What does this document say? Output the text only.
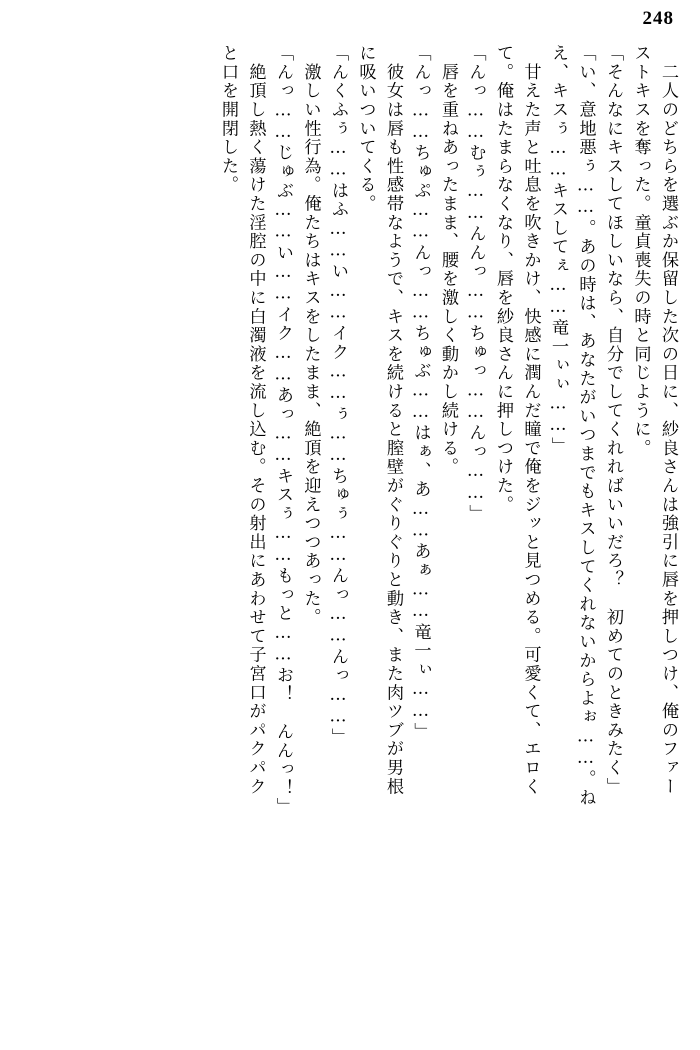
248
　二人のどちらを選ぶか保留した次の日に、紗良さんは強引に唇を押しつけ、俺のファー
ストキスを奪った。童貞喪失の時と同じように。
「そんなにキスしてほしいなら、自分でしてくれればいいだろ？　初めてのときみたく」
「い、意地悪ぅ……。あの時は、あなたがいつまでもキスしてくれないからよぉ……。ね
え、キスぅ……キスしてぇ……竜一ぃぃ……」
　甘えた声と吐息を吹きかけ、快感に潤んだ瞳で俺をジッと見つめる。可愛くて、エロく
て。俺はたまらなくなり、唇を紗良さんに押しつけた。
「んっ……むぅ……んんっ……ちゅっ……んっ……」
　唇を重ねあったまま、腰を激しく動かし続ける。
「んっ……ちゅぷ……んっ……ちゅぶ……はぁ、あ……あぁ……竜一ぃ……」
　彼女は唇も性感帯なようで、キスを続けると膣壁がぐりぐりと動き、また肉ツブが男根
に吸いついてくる。
「んくふぅ……はふ……い……イク……ぅ……ちゅぅ……んっ……んっ……」
　激しい性行為。俺たちはキスをしたまま、絶頂を迎えつつあった。
「んっ……じゅぶ……い……イク……あっ……キスぅ……もっと……お！　んんっ！」
　絶頂し熱く蕩けた淫腔の中に白濁液を流し込む。その射出にあわせて子宮口がパクパク
と口を開閉した。
